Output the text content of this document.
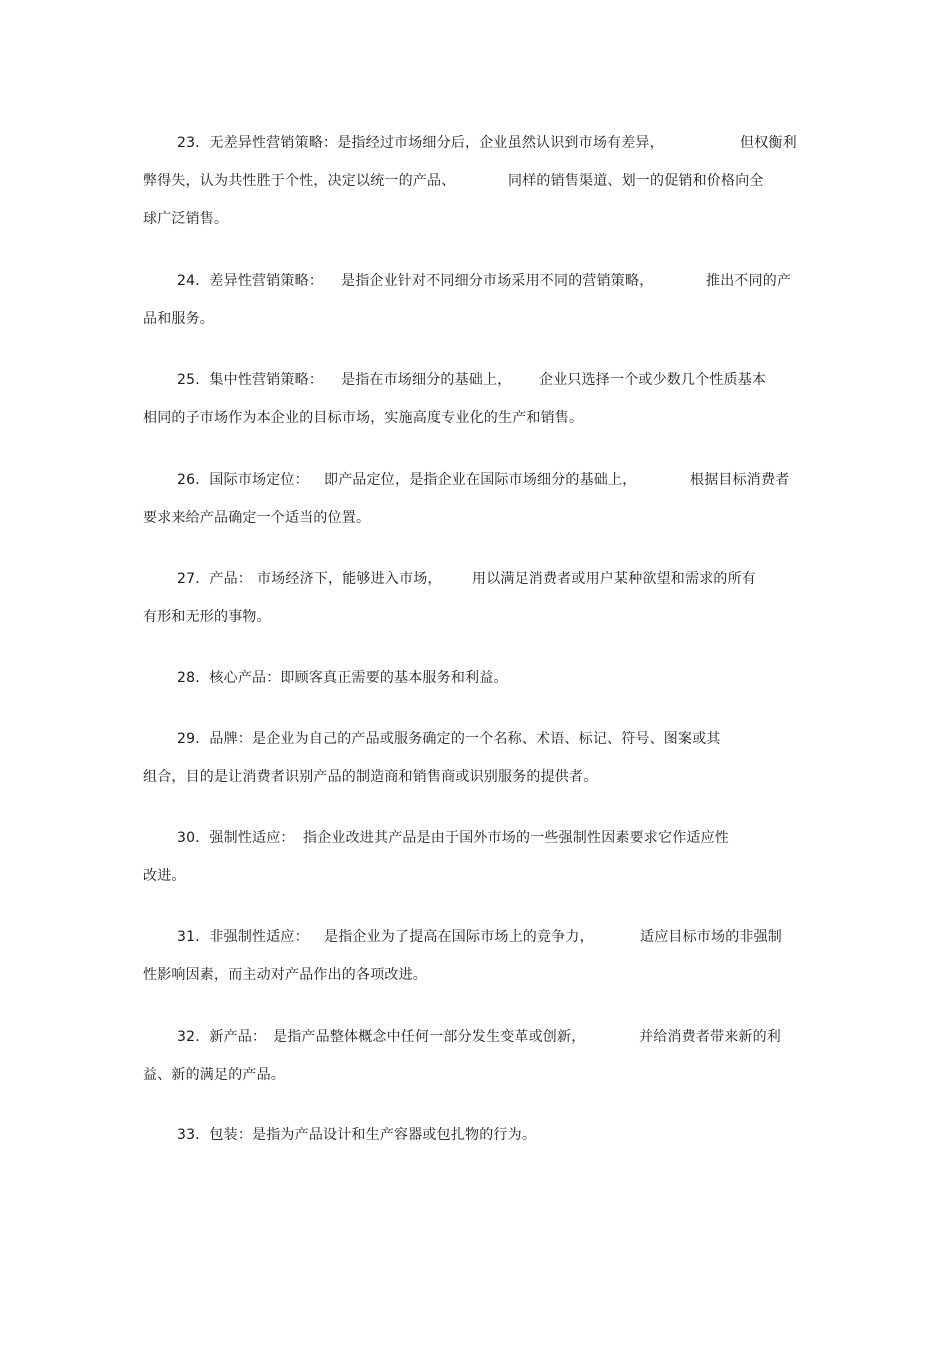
23．无差异性营销策略：是指经过市场细分后，企业虽然认识到市场有差异，	但权衡利
弊得失，认为共性胜于个性，决定以统一的产品、	同样的销售渠道、划一的促销和价格向全
球广泛销售。
24．差异性营销策略： 是指企业针对不同细分市场采用不同的营销策略，	推出不同的产
品和服务。
25．集中性营销策略： 是指在市场细分的基础上， 企业只选择一个或少数几个性质基本
相同的子市场作为本企业的目标市场，实施高度专业化的生产和销售。
26．国际市场定位： 即产品定位，是指企业在国际市场细分的基础上，	根据目标消费者
要求来给产品确定一个适当的位置。
27．产品： 市场经济下，能够进入市场， 用以满足消费者或用户某种欲望和需求的所有
有形和无形的事物。
28．核心产品：即顾客真正需要的基本服务和利益。
29．品牌：是企业为自己的产品或服务确定的一个名称、术语、标记、符号、图案或其
组合，目的是让消费者识别产品的制造商和销售商或识别服务的提供者。
30．强制性适应： 指企业改进其产品是由于国外市场的一些强制性因素要求它作适应性
改进。
31．非强制性适应： 是指企业为了提高在国际市场上的竞争力，	适应目标市场的非强制
性影响因素，而主动对产品作出的各项改进。
32．新产品： 是指产品整体概念中任何一部分发生变革或创新，	并给消费者带来新的利
益、新的满足的产品。
33．包装：是指为产品设计和生产容器或包扎物的行为。
